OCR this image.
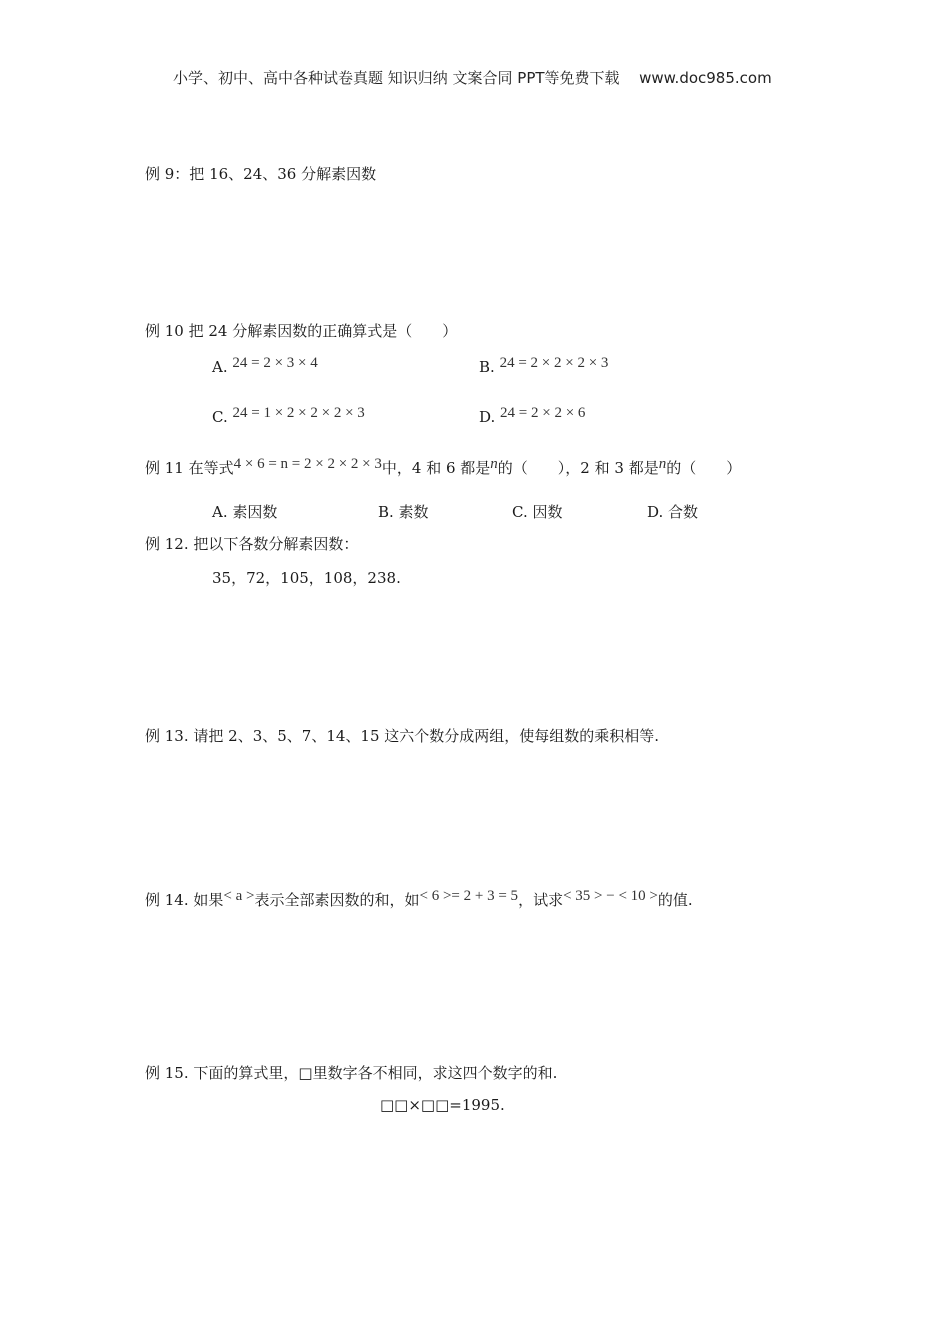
小学、初中、高中各种试卷真题 知识归纳 文案合同 PPT等免费下载 www.doc985.com
例 9：把 16、24、36 分解素因数
例 10 把 24 分解素因数的正确算式是（　　）
A. 24 = 2 × 3 × 4	B. 24 = 2 × 2 × 2 × 3
C. 24 = 1 × 2 × 2 × 2 × 3	D. 24 = 2 × 2 × 6
例 11 在等式4 × 6 = n = 2 × 2 × 2 × 3中，4 和 6 都是n的（　　），2 和 3 都是n的（　　）
A. 素因数	B. 素数	C. 因数	D. 合数
例 12. 把以下各数分解素因数：
35，72，105，108，238.
例 13. 请把 2、3、5、7、14、15 这六个数分成两组，使每组数的乘积相等.
例 14. 如果< a >表示全部素因数的和，如< 6 >= 2 + 3 = 5，试求< 35 > − < 10 >的值.
例 15. 下面的算式里，□里数字各不相同，求这四个数字的和.
□□×□□=1995.
